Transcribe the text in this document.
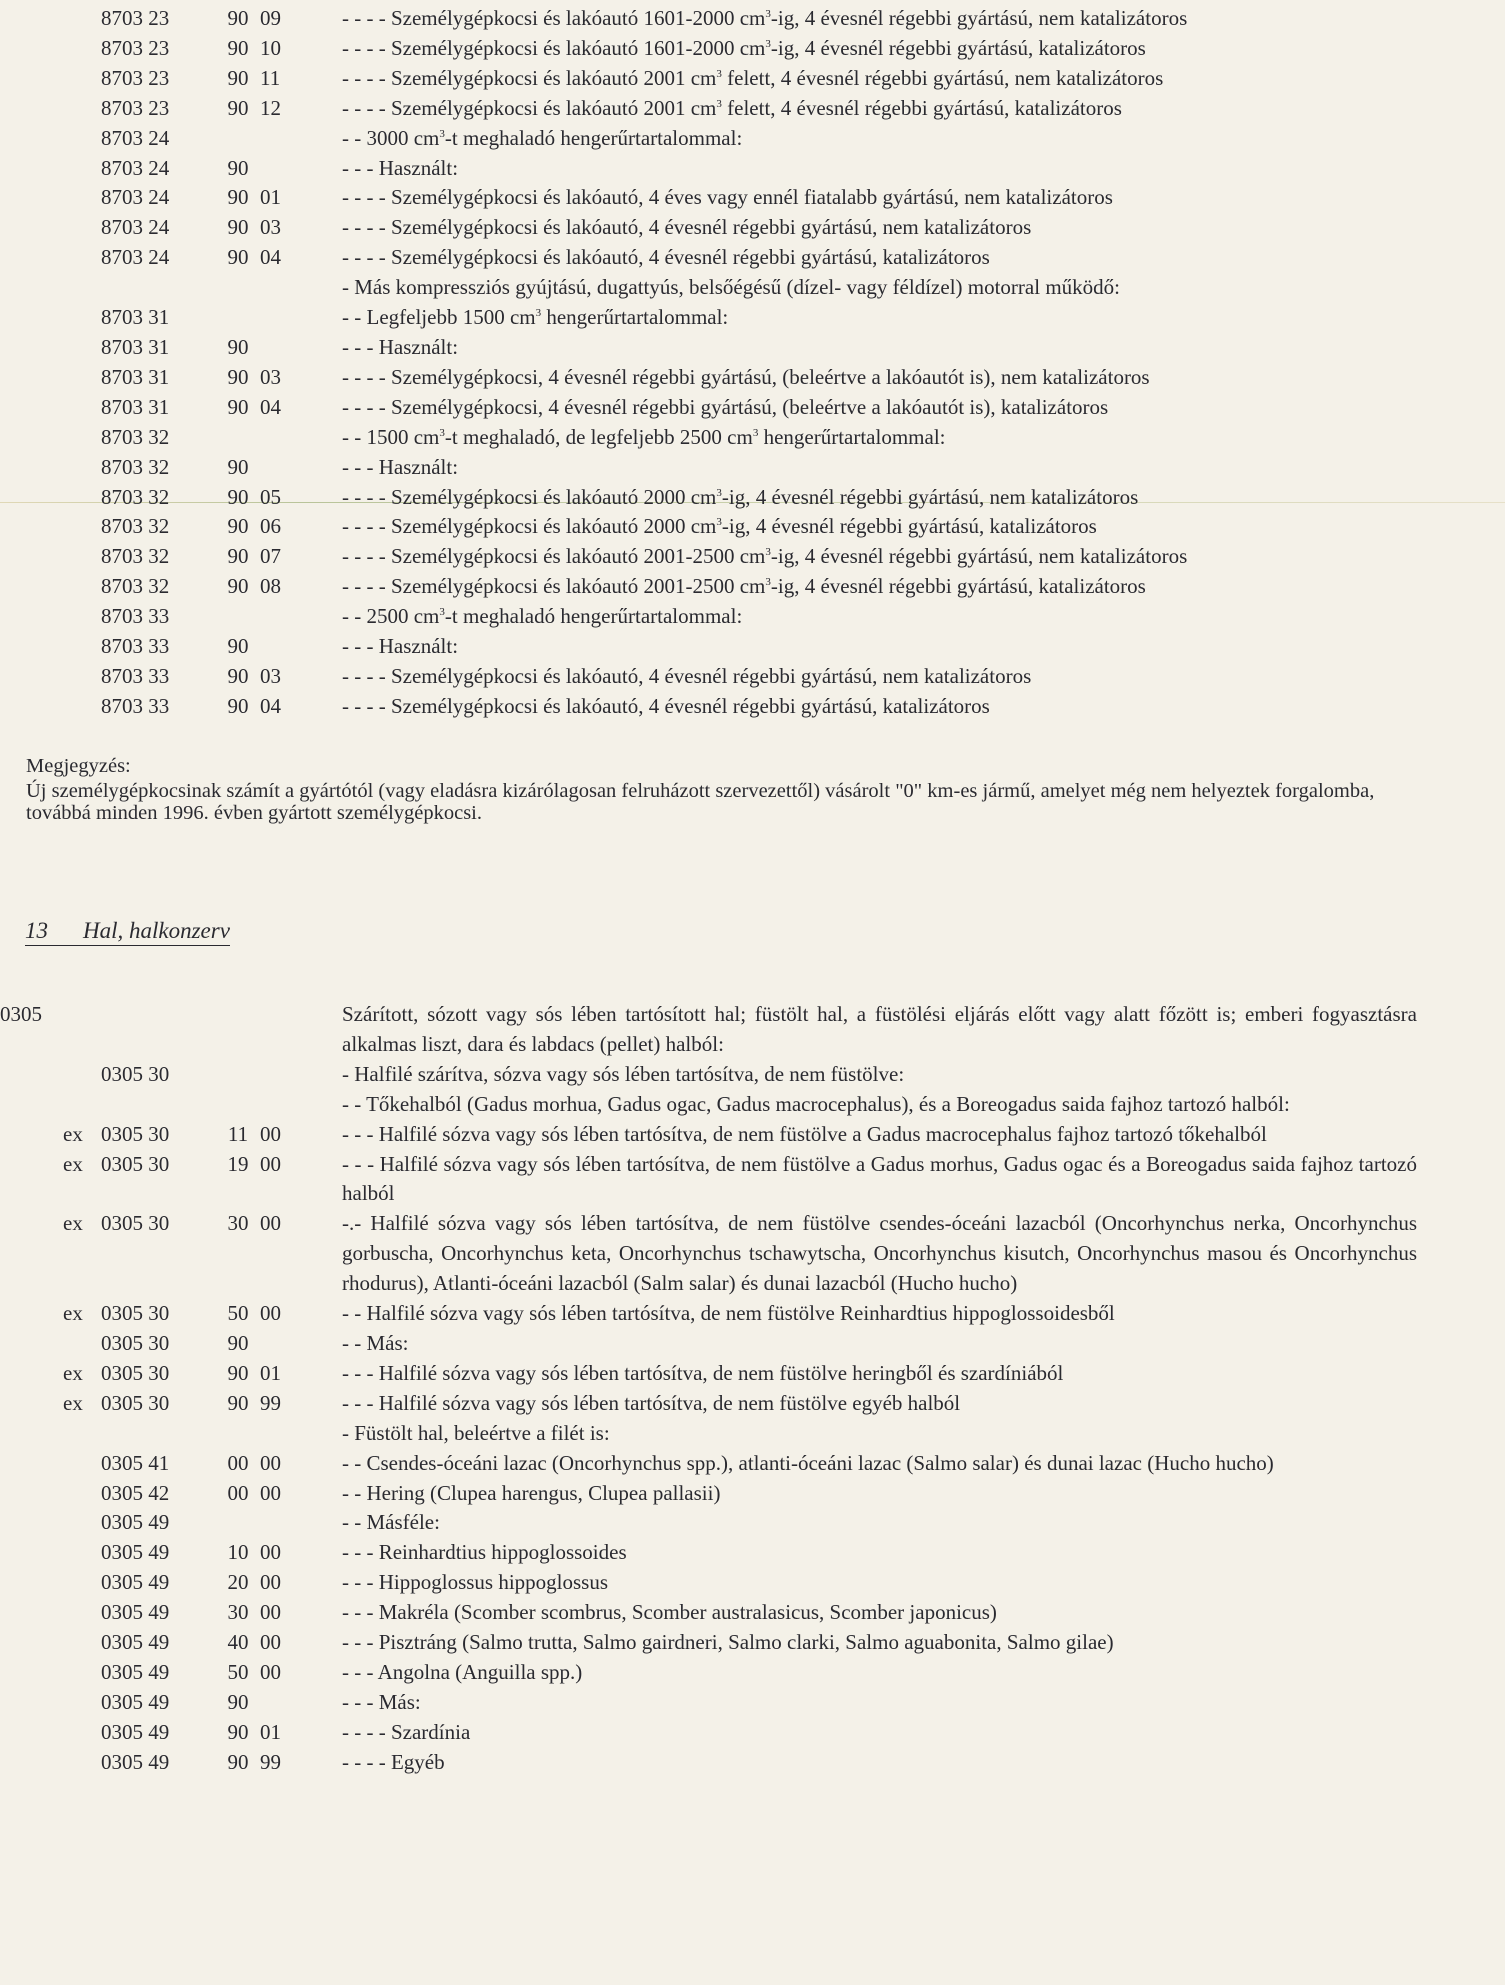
8703 23	90 09	- - - - Személygépkocsi és lakóautó 1601-2000 $cm^3-ig$, 4 évesnél régebbi gyártású, nem katalizátoros
8703 23	90 10	- - - - Személygépkocsi és lakóautó 1601-2000 $cm^3-ig$, 4 évesnél régebbi gyártású, katalizátoros
8703 23	90 11	- - - - Személygépkocsi és lakóautó 2001 $cm^3$ felett, 4 évesnél régebbi gyártású, nem katalizátoros
8703 23	90 12	- - - - Személygépkocsi és lakóautó 2001 $cm^3$ felett, 4 évesnél régebbi gyártású, katalizátoros
8703 24	- - 3000 $cm^3-t$ meghaladó hengerűrtartalommal:
8703 24	90	- - - Használt:
8703 24	90 01	- - - - Személygépkocsi és lakóautó, 4 éves vagy ennél fiatalabb gyártású, nem katalizátoros
8703 24	90 03	- - - - Személygépkocsi és lakóautó, 4 évesnél régebbi gyártású, nem katalizátoros
8703 24	90 04	- - - - Személygépkocsi és lakóautó, 4 évesnél régebbi gyártású, katalizátoros
- Más kompressziós gyújtású, dugattyús, belsőégésű (dízel- vagy féldízel) motorral működő:
8703 31	- - Legfeljebb 1500 $cm^3$ hengerűrtartalommal:
8703 31	90	- - - Használt:
8703 31	90 03	- - - - Személygépkocsi, 4 évesnél régebbi gyártású, (beleértve a lakóautót is), nem katalizátoros
8703 31	90 04	- - - - Személygépkocsi, 4 évesnél régebbi gyártású, (beleértve a lakóautót is), katalizátoros
8703 32	- - 1500 $cm^3-t$ meghaladó, de legfeljebb 2500 $cm^3$ hengerűrtartalommal:
8703 32	90	- - - Használt:
8703 32	90 05	- - - - Személygépkocsi és lakóautó 2000 $cm^3-ig$, 4 évesnél régebbi gyártású, nem katalizátoros
8703 32	90 06	- - - - Személygépkocsi és lakóautó 2000 $cm^3-ig$, 4 évesnél régebbi gyártású, katalizátoros
8703 32	90 07	- - - - Személygépkocsi és lakóautó 2001-2500 $cm^3-ig$, 4 évesnél régebbi gyártású, nem katalizátoros
8703 32	90 08	- - - - Személygépkocsi és lakóautó 2001-2500 $cm^3-ig$, 4 évesnél régebbi gyártású, katalizátoros
8703 33	- - 2500 $cm^3-t$ meghaladó hengerűrtartalommal:
8703 33	90	- - - Használt:
8703 33	90 03	- - - - Személygépkocsi és lakóautó, 4 évesnél régebbi gyártású, nem katalizátoros
8703 33	90 04	- - - - Személygépkocsi és lakóautó, 4 évesnél régebbi gyártású, katalizátoros
Megjegyzés:
Új személygépkocsinak számít a gyártótól (vagy eladásra kizárólagosan felruházott szervezettől) vásárolt "0" km-es jármű, amelyet még nem helyeztek forgalomba, továbbá minden 1996. évben gyártott személygépkocsi.
13 Hal, halkonzerv
0305	Szárított, sózott vagy sós lében tartósított hal; füstölt hal, a füstölési eljárás előtt vagy alatt főzött is; emberi fogyasztásra alkalmas liszt, dara és labdacs (pellet) halból:
0305 30	- Halfilé szárítva, sózva vagy sós lében tartósítva, de nem füstölve:
- - Tőkehalból (Gadus morhua, Gadus ogac, Gadus macrocephalus), és a Boreogadus saida fajhoz tartozó halból:
ex 0305 30	11 00	- - - Halfilé sózva vagy sós lében tartósítva, de nem füstölve a Gadus macrocephalus fajhoz tartozó tőkehalból
ex 0305 30	19 00	- - - Halfilé sózva vagy sós lében tartósítva, de nem füstölve a Gadus morhus, Gadus ogac és a Boreogadus saida fajhoz tartozó halból
ex 0305 30	30 00	-.- Halfilé sózva vagy sós lében tartósítva, de nem füstölve csendes-óceáni lazacból (Oncorhynchus nerka, Oncorhynchus gorbuscha, Oncorhynchus keta, Oncorhynchus tschawytscha, Oncorhynchus kisutch, Oncorhynchus masou és Oncorhynchus rhodurus), Atlanti-óceáni lazacból (Salm salar) és dunai lazacból (Hucho hucho)
ex 0305 30	50 00	- - Halfilé sózva vagy sós lében tartósítva, de nem füstölve Reinhardtius hippoglossoidesből
0305 30	90	- - Más:
ex 0305 30	90 01	- - - Halfilé sózva vagy sós lében tartósítva, de nem füstölve heringből és szardíniából
ex 0305 30	90 99	- - - Halfilé sózva vagy sós lében tartósítva, de nem füstölve egyéb halból
- Füstölt hal, beleértve a filét is:
0305 41	00 00	- - Csendes-óceáni lazac (Oncorhynchus spp.), atlanti-óceáni lazac (Salmo salar) és dunai lazac (Hucho hucho)
0305 42	00 00	- - Hering (Clupea harengus, Clupea pallasii)
0305 49	- - Másféle:
0305 49	10 00	- - - Reinhardtius hippoglossoides
0305 49	20 00	- - - Hippoglossus hippoglossus
0305 49	30 00	- - - Makréla (Scomber scombrus, Scomber australasicus, Scomber japonicus)
0305 49	40 00	- - - Pisztráng (Salmo trutta, Salmo gairdneri, Salmo clarki, Salmo aguabonita, Salmo gilae)
0305 49	50 00	- - - Angolna (Anguilla spp.)
0305 49	90	- - - Más:
0305 49	90 01	- - - - Szardínia
0305 49	90 99	- - - - Egyéb
